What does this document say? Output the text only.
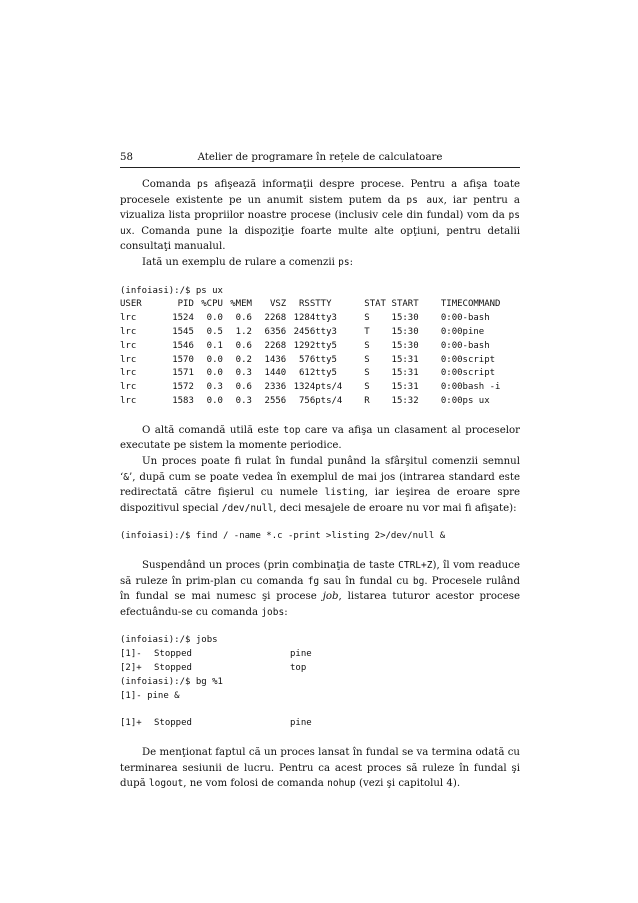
58	Atelier de programare în rețele de calculatoare

Comanda ps afişează informaţii despre procese. Pentru a afişa toate procesele existente pe un anumit sistem putem da ps aux, iar pentru a vizualiza lista propriilor noastre procese (inclusiv cele din fundal) vom da ps ux. Comanda pune la dispoziţie foarte multe alte opţiuni, pentru detalii consultaţi manualul.

Iată un exemplu de rulare a comenzii ps:

(infoiasi):/$ ps ux
USER	PID	%CPU	%MEM	VSZ	RSS	TTY	STAT	START	TIME	COMMAND
lrc	1524	0.0	0.6	2268	1284	tty3	S	15:30	0:00	-bash
lrc	1545	0.5	1.2	6356	2456	tty3	T	15:30	0:00	pine
lrc	1546	0.1	0.6	2268	1292	tty5	S	15:30	0:00	-bash
lrc	1570	0.0	0.2	1436	576	tty5	S	15:31	0:00	script
lrc	1571	0.0	0.3	1440	612	tty5	S	15:31	0:00	script
lrc	1572	0.3	0.6	2336	1324	pts/4	S	15:31	0:00	bash -i
lrc	1583	0.0	0.3	2556	756	pts/4	R	15:32	0:00	ps ux

O altă comandă utilă este top care va afişa un clasament al proceselor executate pe sistem la momente periodice.

Un proces poate fi rulat în fundal punând la sfârşitul comenzii semnul ‘&’, după cum se poate vedea în exemplul de mai jos (intrarea standard este redirectată către fişierul cu numele listing, iar ieşirea de eroare spre dispozitivul special /dev/null, deci mesajele de eroare nu vor mai fi afişate):

(infoiasi):/$ find / -name *.c -print >listing 2>/dev/null &

Suspendând un proces (prin combinaţia de taste CTRL+Z), îl vom readuce să ruleze în prim-plan cu comanda fg sau în fundal cu bg. Procesele rulând în fundal se mai numesc şi procese job, listarea tuturor acestor procese efectuându-se cu comanda jobs:

(infoiasi):/$ jobs
[1]-	Stopped	pine
[2]+	Stopped	top
(infoiasi):/$ bg %1
[1]- pine &

[1]+	Stopped	pine

De menţionat faptul că un proces lansat în fundal se va termina odată cu terminarea sesiunii de lucru. Pentru ca acest proces să ruleze în fundal şi după logout, ne vom folosi de comanda nohup (vezi şi capitolul 4).
